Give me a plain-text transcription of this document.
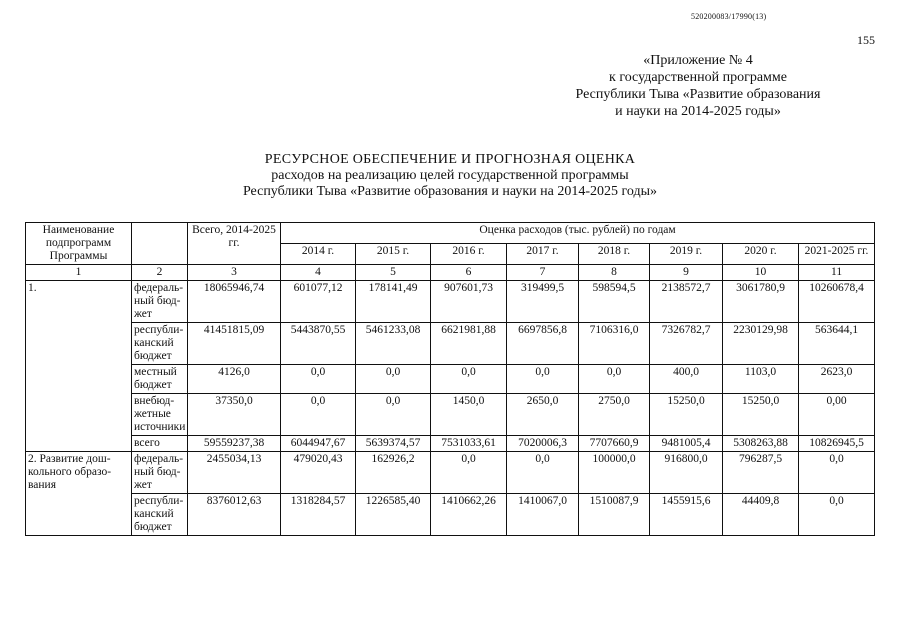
520200083/17990(13)
155
«Приложение № 4
к государственной программе
Республики Тыва «Развитие образования
и науки на 2014-2025 годы»
РЕСУРСНОЕ ОБЕСПЕЧЕНИЕ И ПРОГНОЗНАЯ ОЦЕНКА
расходов на реализацию целей государственной программы
Республики Тыва «Развитие образования и науки на 2014-2025 годы»
Наименование подпрограмм Программы		Всего, 2014-2025 гг.	Оценка расходов (тыс. рублей) по годам							
			2014 г.	2015 г.	2016 г.	2017 г.	2018 г.	2019 г.	2020 г.	2021-2025 гг.
1	2	3	4	5	6	7	8	9	10	11
1.	федераль-ный бюд-жет	18065946,74	601077,12	178141,49	907601,73	319499,5	598594,5	2138572,7	3061780,9	10260678,4
	республи-канский бюджет	41451815,09	5443870,55	5461233,08	6621981,88	6697856,8	7106316,0	7326782,7	2230129,98	563644,1
	местный бюджет	4126,0	0,0	0,0	0,0	0,0	0,0	400,0	1103,0	2623,0
	внебюд-жетные источники	37350,0	0,0	0,0	1450,0	2650,0	2750,0	15250,0	15250,0	0,00
	всего	59559237,38	6044947,67	5639374,57	7531033,61	7020006,3	7707660,9	9481005,4	5308263,88	10826945,5
2. Развитие дош-кольного образо-вания	федераль-ный бюд-жет	2455034,13	479020,43	162926,2	0,0	0,0	100000,0	916800,0	796287,5	0,0
	республи-канский бюджет	8376012,63	1318284,57	1226585,40	1410662,26	1410067,0	1510087,9	1455915,6	44409,8	0,0
